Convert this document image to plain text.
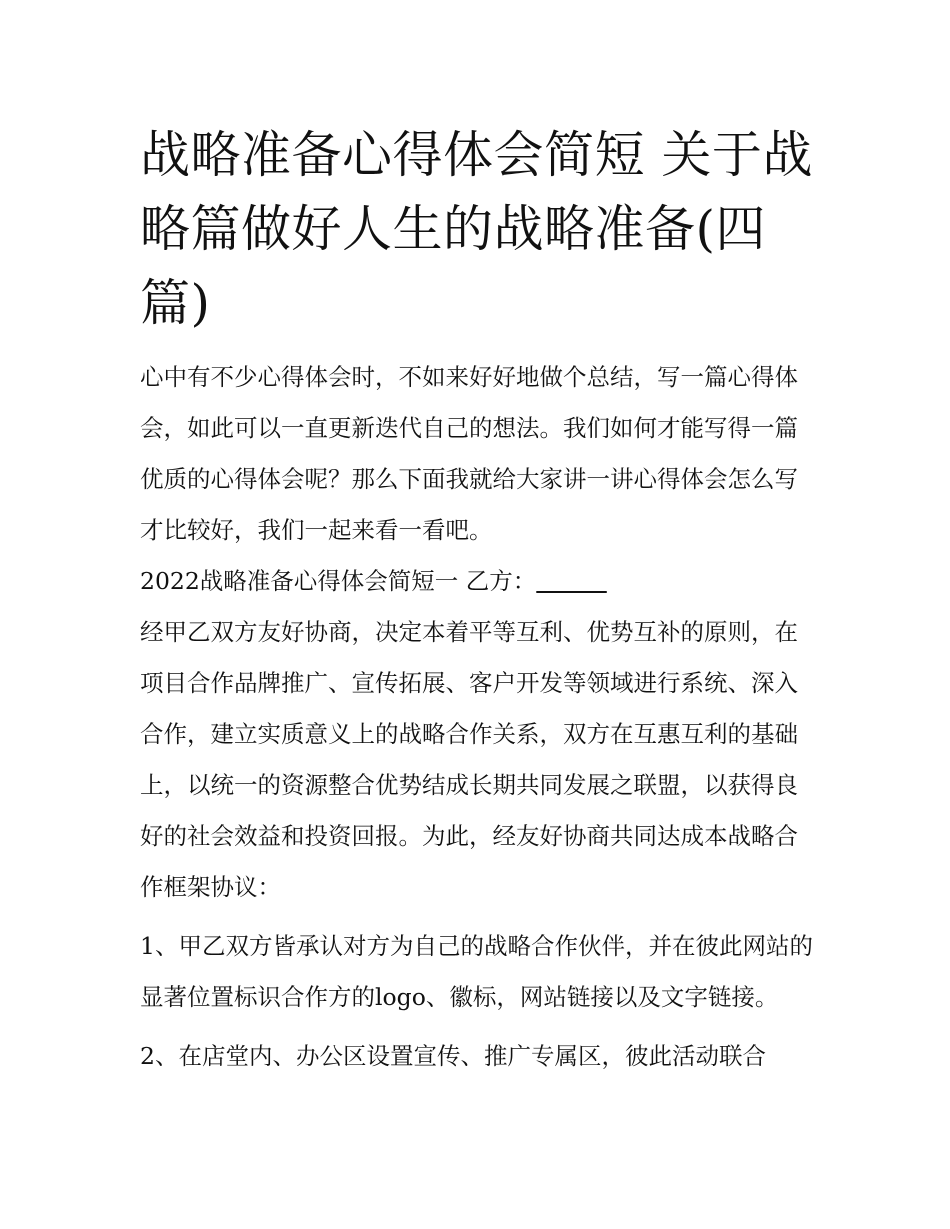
战略准备心得体会简短 关于战略篇做好人生的战略准备(四篇)

心中有不少心得体会时，不如来好好地做个总结，写一篇心得体会，如此可以一直更新迭代自己的想法。我们如何才能写得一篇优质的心得体会呢？那么下面我就给大家讲一讲心得体会怎么写才比较好，我们一起来看一看吧。

2022战略准备心得体会简短一 乙方：

经甲乙双方友好协商，决定本着平等互利、优势互补的原则，在项目合作品牌推广、宣传拓展、客户开发等领域进行系统、深入合作，建立实质意义上的战略合作关系，双方在互惠互利的基础上，以统一的资源整合优势结成长期共同发展之联盟，以获得良好的社会效益和投资回报。为此，经友好协商共同达成本战略合作框架协议：

1、甲乙双方皆承认对方为自己的战略合作伙伴，并在彼此网站的显著位置标识合作方的logo、徽标，网站链接以及文字链接。

2、在店堂内、办公区设置宣传、推广专属区，彼此活动联合
